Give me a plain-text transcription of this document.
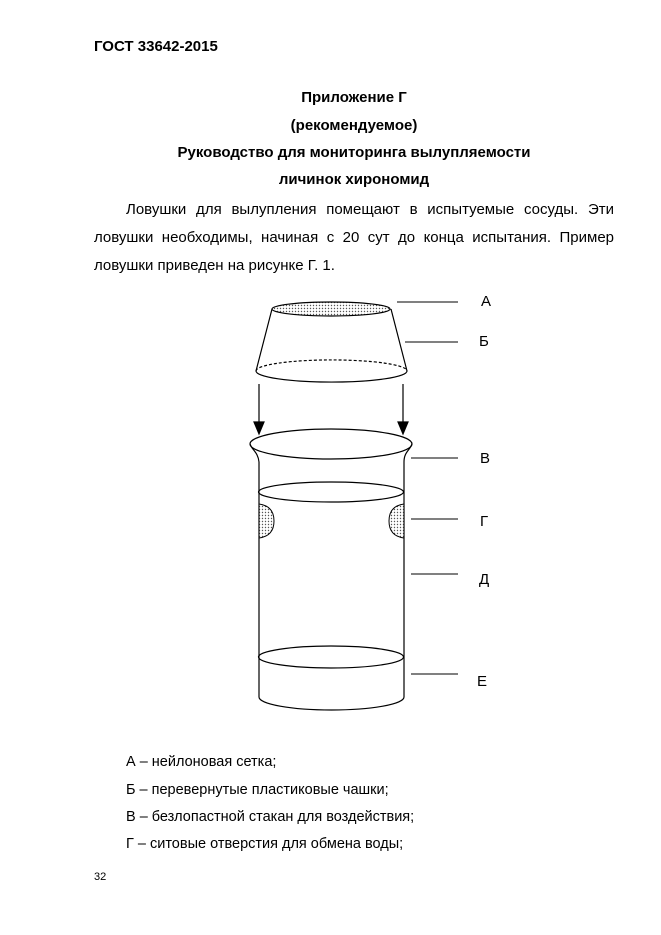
ГОСТ 33642-2015
Приложение Г
(рекомендуемое)
Руководство для мониторинга вылупляемости
личинок хирономид
Ловушки для вылупления помещают в испытуемые сосуды. Эти ловушки необходимы, начиная с 20 сут до конца испытания. Пример ловушки приведен на рисунке Г. 1.
А
Б
В
Г
Д
Е
А – нейлоновая сетка;
Б – перевернутые пластиковые чашки;
В – безлопастной стакан для воздействия;
Г – ситовые отверстия для обмена воды;
32
